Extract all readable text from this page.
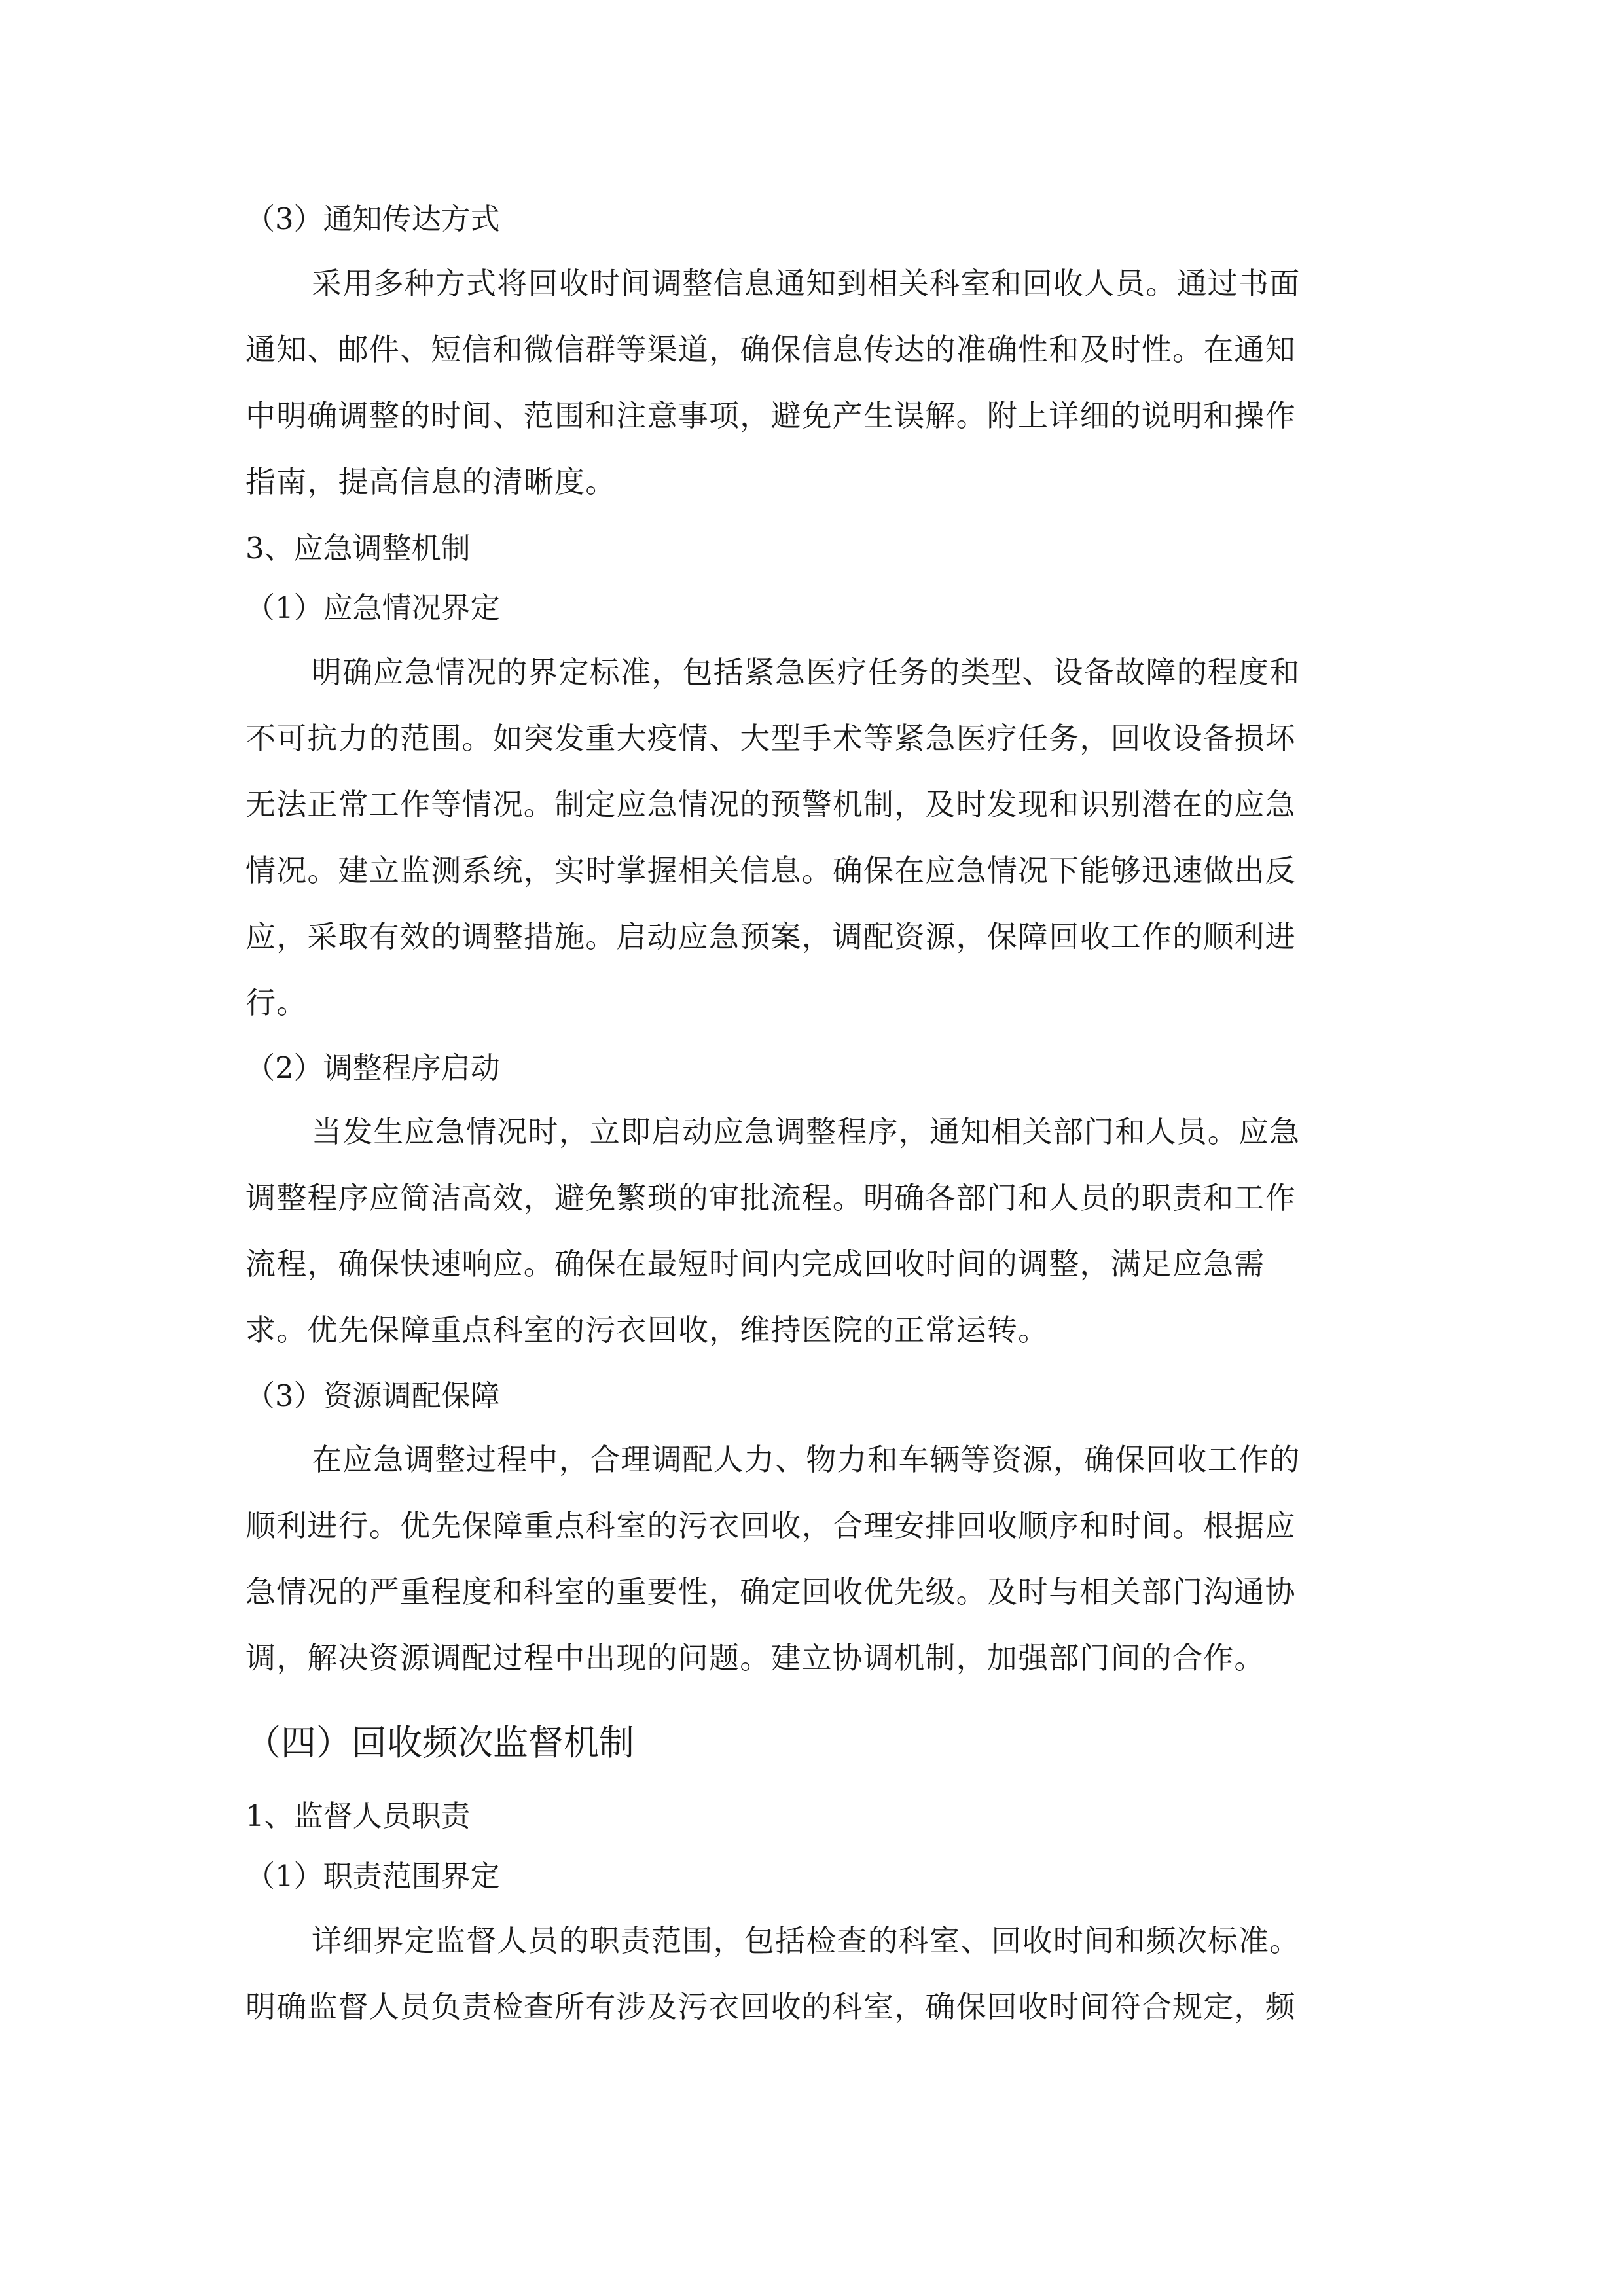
（3）通知传达方式
采用多种方式将回收时间调整信息通知到相关科室和回收人员。通过书面
通知、邮件、短信和微信群等渠道，确保信息传达的准确性和及时性。在通知
中明确调整的时间、范围和注意事项，避免产生误解。附上详细的说明和操作
指南，提高信息的清晰度。
3、应急调整机制
（1）应急情况界定
明确应急情况的界定标准，包括紧急医疗任务的类型、设备故障的程度和
不可抗力的范围。如突发重大疫情、大型手术等紧急医疗任务，回收设备损坏
无法正常工作等情况。制定应急情况的预警机制，及时发现和识别潜在的应急
情况。建立监测系统，实时掌握相关信息。确保在应急情况下能够迅速做出反
应，采取有效的调整措施。启动应急预案，调配资源，保障回收工作的顺利进
行。
（2）调整程序启动
当发生应急情况时，立即启动应急调整程序，通知相关部门和人员。应急
调整程序应简洁高效，避免繁琐的审批流程。明确各部门和人员的职责和工作
流程，确保快速响应。确保在最短时间内完成回收时间的调整，满足应急需
求。优先保障重点科室的污衣回收，维持医院的正常运转。
（3）资源调配保障
在应急调整过程中，合理调配人力、物力和车辆等资源，确保回收工作的
顺利进行。优先保障重点科室的污衣回收，合理安排回收顺序和时间。根据应
急情况的严重程度和科室的重要性，确定回收优先级。及时与相关部门沟通协
调，解决资源调配过程中出现的问题。建立协调机制，加强部门间的合作。
（四）回收频次监督机制
1、监督人员职责
（1）职责范围界定
详细界定监督人员的职责范围，包括检查的科室、回收时间和频次标准。
明确监督人员负责检查所有涉及污衣回收的科室，确保回收时间符合规定，频
